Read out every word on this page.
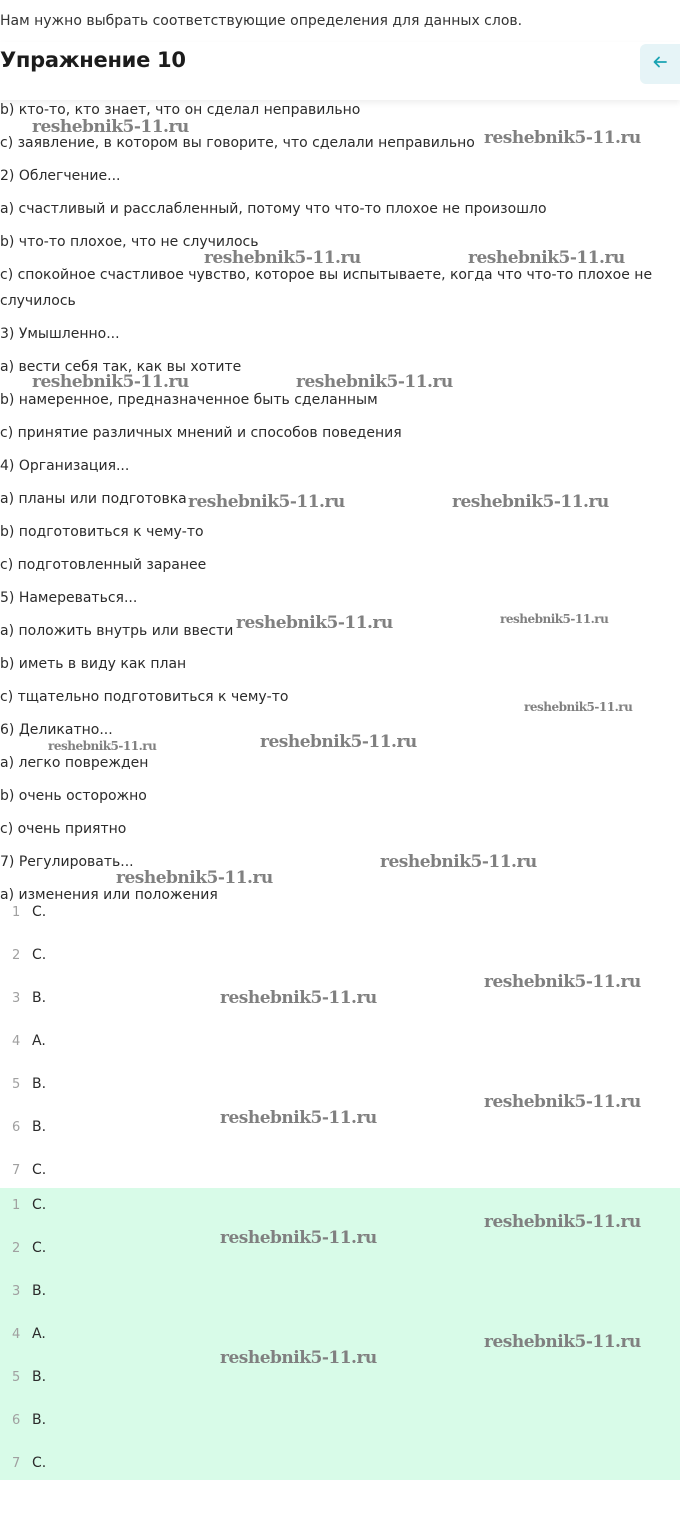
Нам нужно выбрать соответствующие определения для данных слов.
Упражнение 10

b) кто-то, кто знает, что он сделал неправильно

c) заявление, в котором вы говорите, что сделали неправильно

2) Облегчение...

a) счастливый и расслабленный, потому что что-то плохое не произошло

b) что-то плохое, что не случилось

c) спокойное счастливое чувство, которое вы испытываете, когда что что-то плохое не случилось

3) Умышленно...

a) вести себя так, как вы хотите

b) намеренное, предназначенное быть сделанным

c) принятие различных мнений и способов поведения

4) Организация...

a) планы или подготовка

b) подготовиться к чему-то

c) подготовленный заранее

5) Намереваться...

a) положить внутрь или ввести

b) иметь в виду как план

c) тщательно подготовиться к чему-то

6) Деликатно...

a) легко поврежден

b) очень осторожно

c) очень приятно

7) Регулировать...

a) изменения или положения

1 C.
2 C.
3 B.
4 A.
5 B.
6 B.
7 C.
1 C.
2 C.
3 B.
4 A.
5 B.
6 B.
7 C.
reshebnik5-11.ru
reshebnik5-11.ru
reshebnik5-11.ru	reshebnik5-11.ru
reshebnik5-11.ru	reshebnik5-11.ru
reshebnik5-11.ru	reshebnik5-11.ru
reshebnik5-11.ru	reshebnik5-11.ru
reshebnik5-11.ru
reshebnik5-11.ru	reshebnik5-11.ru
reshebnik5-11.ru
reshebnik5-11.ru
reshebnik5-11.ru
reshebnik5-11.ru
reshebnik5-11.ru
reshebnik5-11.ru
reshebnik5-11.ru
reshebnik5-11.ru
reshebnik5-11.ru
reshebnik5-11.ru
